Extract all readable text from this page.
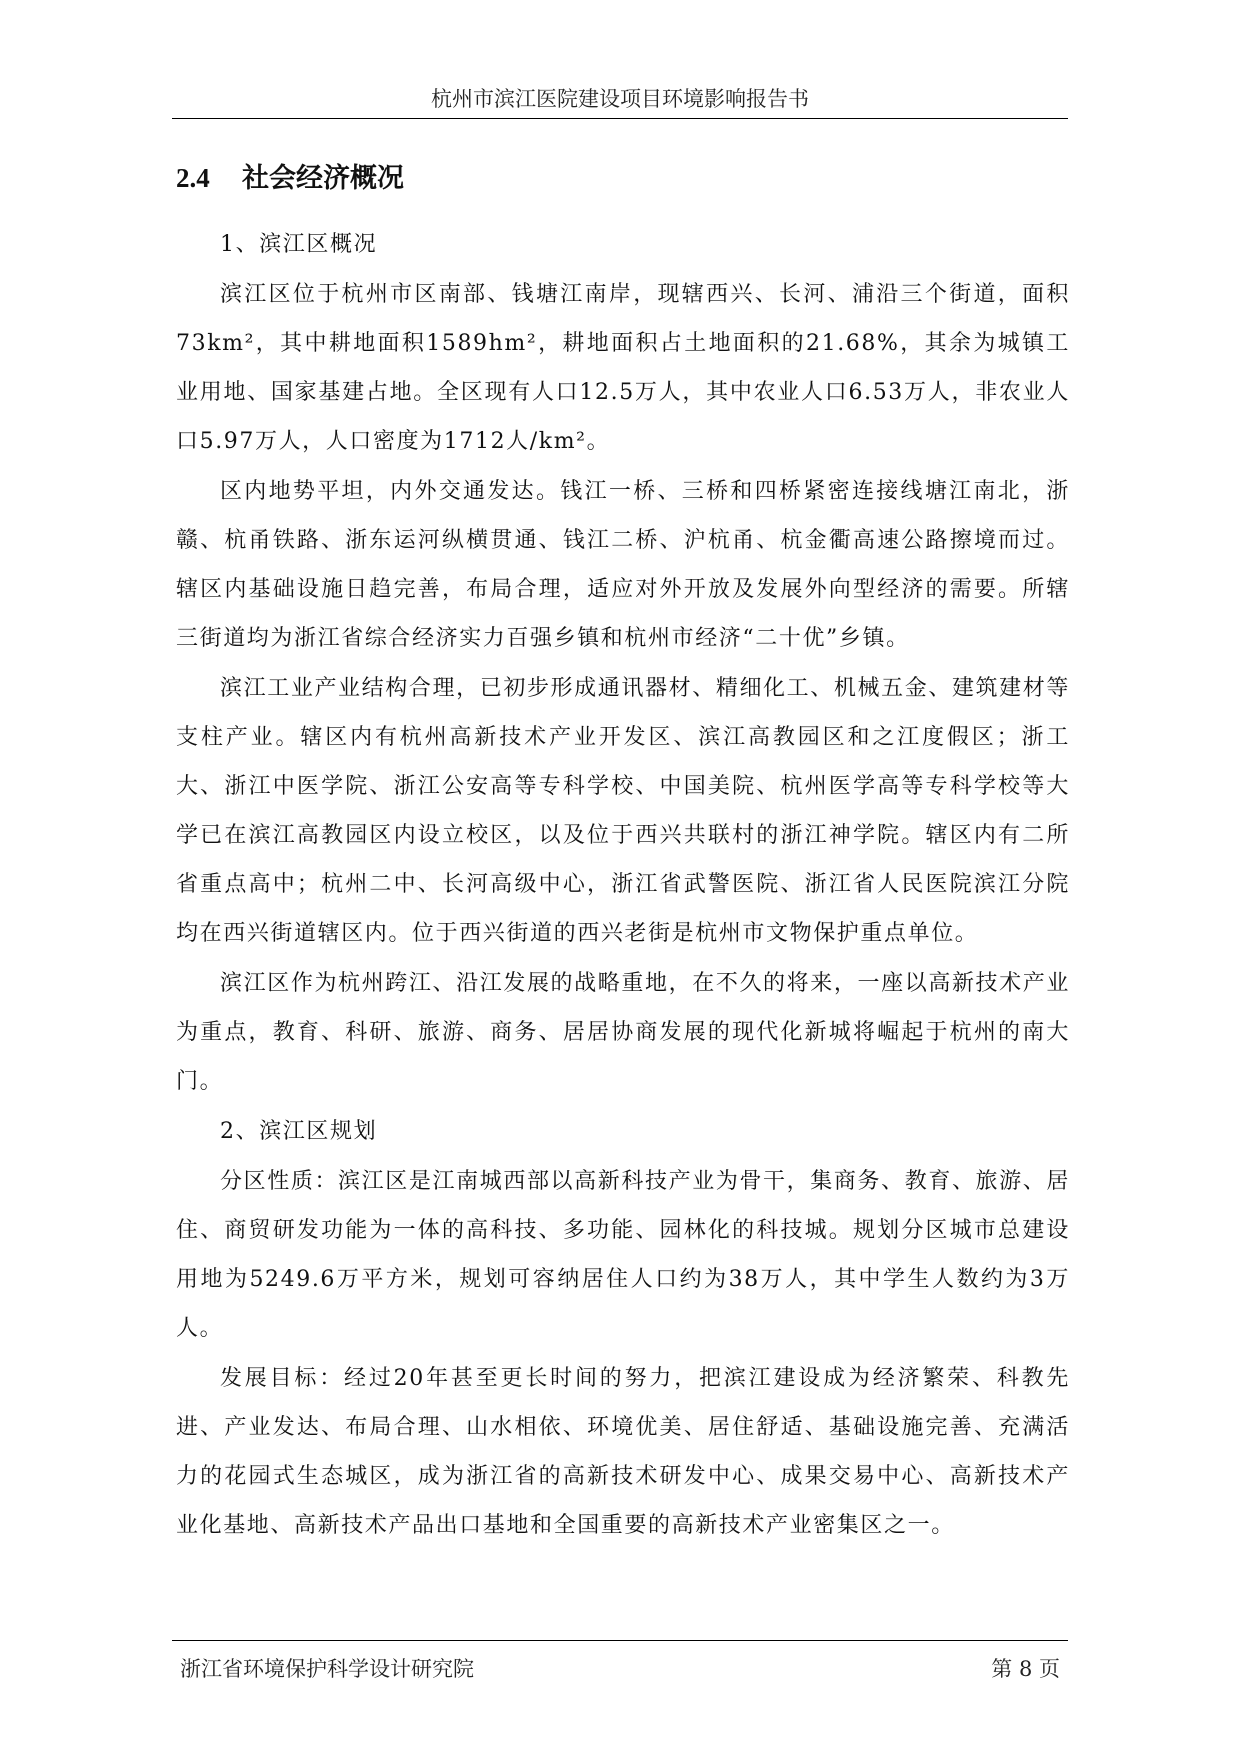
杭州市滨江医院建设项目环境影响报告书
2.4 社会经济概况

1、滨江区概况

滨江区位于杭州市区南部、钱塘江南岸，现辖西兴、长河、浦沿三个街道，面积73km²，其中耕地面积1589hm²，耕地面积占土地面积的21.68%，其余为城镇工业用地、国家基建占地。全区现有人口12.5万人，其中农业人口6.53万人，非农业人口5.97万人，人口密度为1712人/km²。

区内地势平坦，内外交通发达。钱江一桥、三桥和四桥紧密连接线塘江南北，浙赣、杭甬铁路、浙东运河纵横贯通、钱江二桥、沪杭甬、杭金衢高速公路擦境而过。辖区内基础设施日趋完善，布局合理，适应对外开放及发展外向型经济的需要。所辖三街道均为浙江省综合经济实力百强乡镇和杭州市经济“二十优”乡镇。

滨江工业产业结构合理，已初步形成通讯器材、精细化工、机械五金、建筑建材等支柱产业。辖区内有杭州高新技术产业开发区、滨江高教园区和之江度假区；浙工大、浙江中医学院、浙江公安高等专科学校、中国美院、杭州医学高等专科学校等大学已在滨江高教园区内设立校区，以及位于西兴共联村的浙江神学院。辖区内有二所省重点高中；杭州二中、长河高级中心，浙江省武警医院、浙江省人民医院滨江分院均在西兴街道辖区内。位于西兴街道的西兴老街是杭州市文物保护重点单位。

滨江区作为杭州跨江、沿江发展的战略重地，在不久的将来，一座以高新技术产业为重点，教育、科研、旅游、商务、居居协商发展的现代化新城将崛起于杭州的南大门。

2、滨江区规划

分区性质：滨江区是江南城西部以高新科技产业为骨干，集商务、教育、旅游、居住、商贸研发功能为一体的高科技、多功能、园林化的科技城。规划分区城市总建设用地为5249.6万平方米，规划可容纳居住人口约为38万人，其中学生人数约为3万人。

发展目标：经过20年甚至更长时间的努力，把滨江建设成为经济繁荣、科教先进、产业发达、布局合理、山水相依、环境优美、居住舒适、基础设施完善、充满活力的花园式生态城区，成为浙江省的高新技术研发中心、成果交易中心、高新技术产业化基地、高新技术产品出口基地和全国重要的高新技术产业密集区之一。

浙江省环境保护科学设计研究院	第 8 页
